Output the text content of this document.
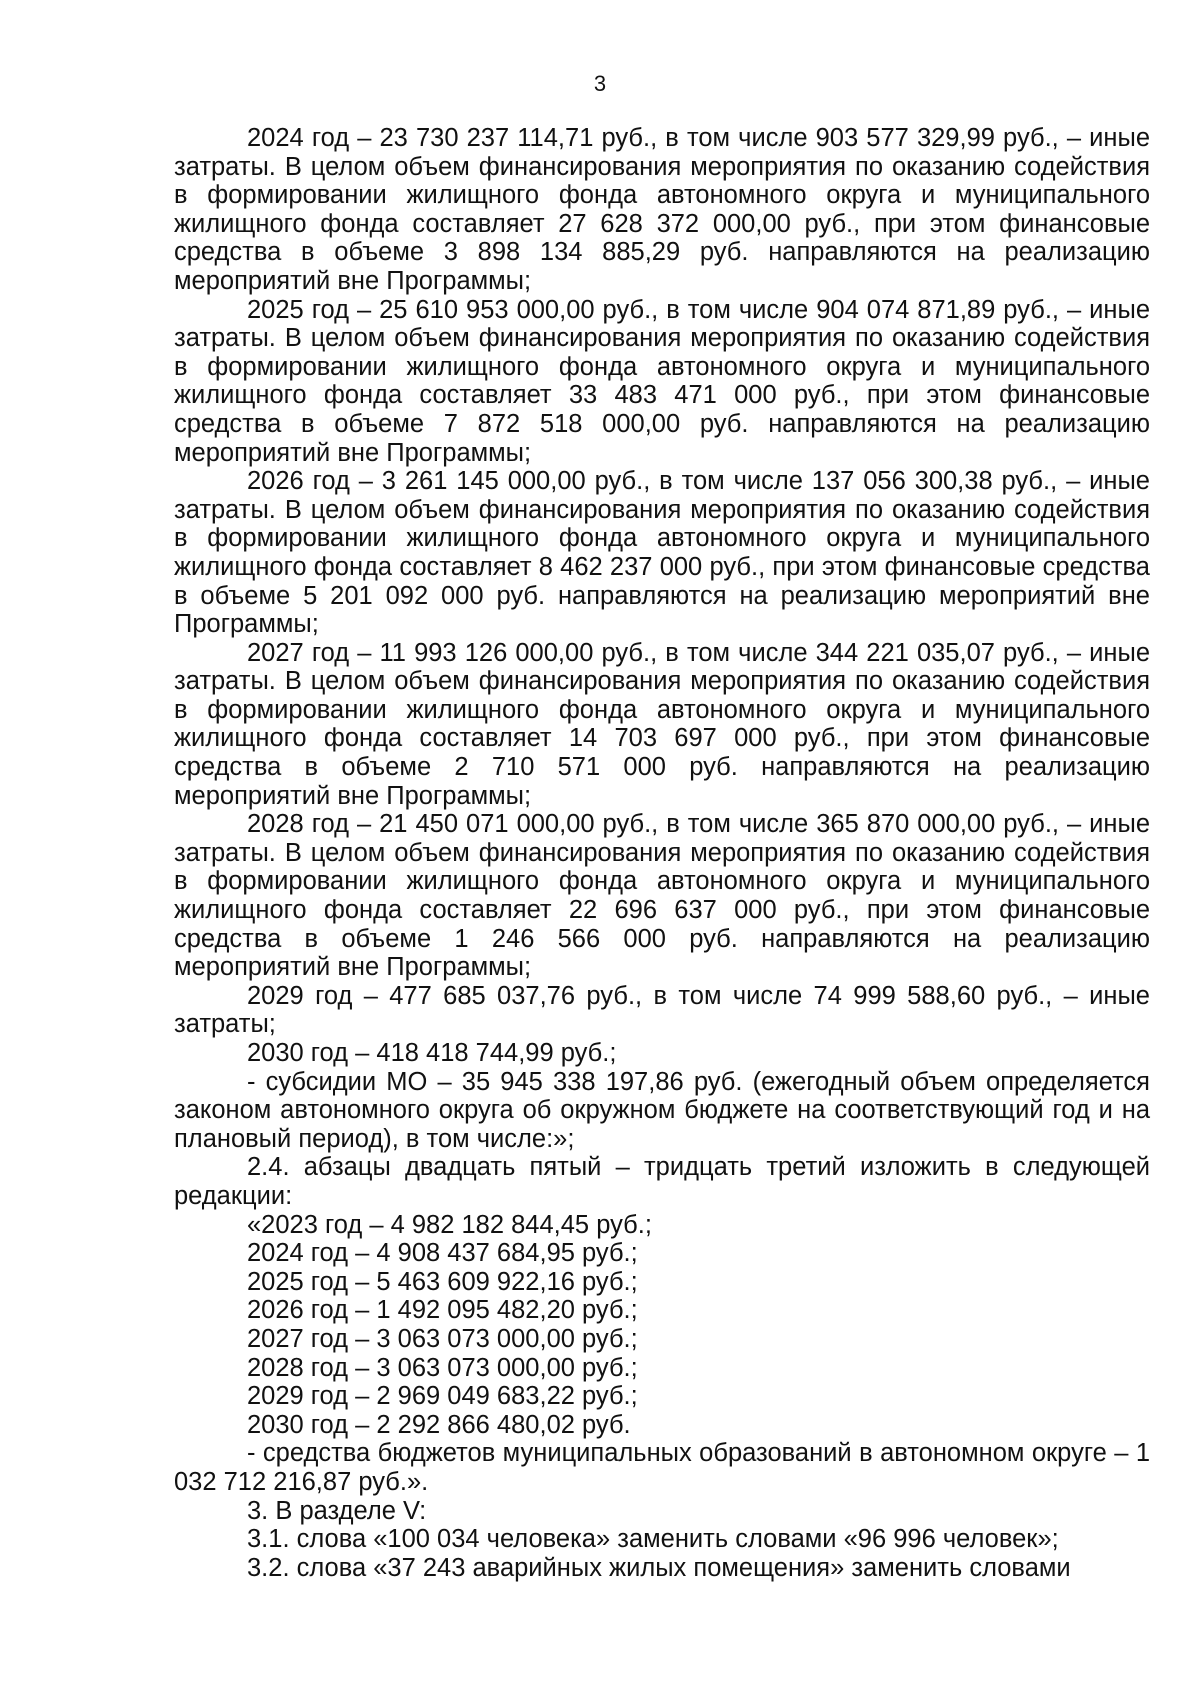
3

2024 год – 23 730 237 114,71 руб., в том числе 903 577 329,99 руб., – иные затраты. В целом объем финансирования мероприятия по оказанию содействия в формировании жилищного фонда автономного округа и муниципального жилищного фонда составляет 27 628 372 000,00 руб., при этом финансовые средства в объеме 3 898 134 885,29 руб. направляются на реализацию мероприятий вне Программы;

2025 год – 25 610 953 000,00 руб., в том числе 904 074 871,89 руб., – иные затраты. В целом объем финансирования мероприятия по оказанию содействия в формировании жилищного фонда автономного округа и муниципального жилищного фонда составляет 33 483 471 000 руб., при этом финансовые средства в объеме 7 872 518 000,00 руб. направляются на реализацию мероприятий вне Программы;

2026 год – 3 261 145 000,00 руб., в том числе 137 056 300,38 руб., – иные затраты. В целом объем финансирования мероприятия по оказанию содействия в формировании жилищного фонда автономного округа и муниципального жилищного фонда составляет 8 462 237 000 руб., при этом финансовые средства в объеме 5 201 092 000 руб. направляются на реализацию мероприятий вне Программы;

2027 год – 11 993 126 000,00 руб., в том числе 344 221 035,07 руб., – иные затраты. В целом объем финансирования мероприятия по оказанию содействия в формировании жилищного фонда автономного округа и муниципального жилищного фонда составляет 14 703 697 000 руб., при этом финансовые средства в объеме 2 710 571 000 руб. направляются на реализацию мероприятий вне Программы;

2028 год – 21 450 071 000,00 руб., в том числе 365 870 000,00 руб., – иные затраты. В целом объем финансирования мероприятия по оказанию содействия в формировании жилищного фонда автономного округа и муниципального жилищного фонда составляет 22 696 637 000 руб., при этом финансовые средства в объеме 1 246 566 000 руб. направляются на реализацию мероприятий вне Программы;

2029 год – 477 685 037,76 руб., в том числе 74 999 588,60 руб., – иные затраты;

2030 год – 418 418 744,99 руб.;

- субсидии МО – 35 945 338 197,86 руб. (ежегодный объем определяется законом автономного округа об окружном бюджете на соответствующий год и на плановый период), в том числе:»;

2.4. абзацы двадцать пятый – тридцать третий изложить в следующей редакции:

«2023 год – 4 982 182 844,45 руб.;

2024 год – 4 908 437 684,95 руб.;

2025 год – 5 463 609 922,16 руб.;

2026 год – 1 492 095 482,20 руб.;

2027 год – 3 063 073 000,00 руб.;

2028 год – 3 063 073 000,00 руб.;

2029 год – 2 969 049 683,22 руб.;

2030 год – 2 292 866 480,02 руб.

- средства бюджетов муниципальных образований в автономном округе – 1 032 712 216,87 руб.».

3. В разделе V:

3.1. слова «100 034 человека» заменить словами «96 996 человек»;

3.2. слова «37 243 аварийных жилых помещения» заменить словами
